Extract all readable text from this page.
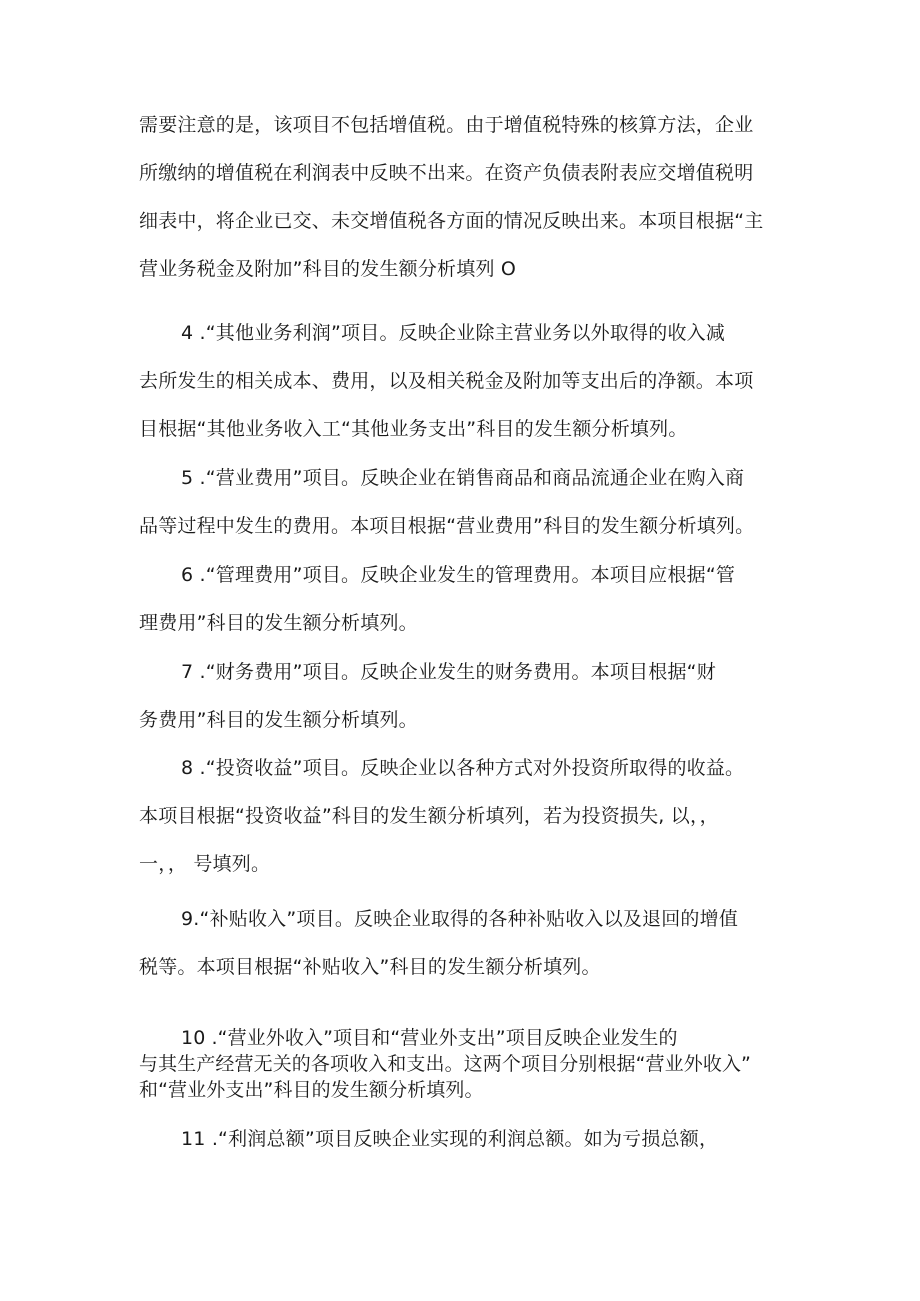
需要注意的是，该项目不包括增值税。由于增值税特殊的核算方法，企业
所缴纳的增值税在利润表中反映不出来。在资产负债表附表应交增值税明
细表中，将企业已交、未交增值税各方面的情况反映出来。本项目根据“主
营业务税金及附加”科目的发生额分析填列 O
4 .“其他业务利润”项目。反映企业除主营业务以外取得的收入减
去所发生的相关成本、费用，以及相关税金及附加等支出后的净额。本项
目根据“其他业务收入工“其他业务支出”科目的发生额分析填列。
5 .“营业费用”项目。反映企业在销售商品和商品流通企业在购入商
品等过程中发生的费用。本项目根据“营业费用”科目的发生额分析填列。
6 .“管理费用”项目。反映企业发生的管理费用。本项目应根据“管
理费用”科目的发生额分析填列。
7 .“财务费用”项目。反映企业发生的财务费用。本项目根据“财
务费用”科目的发生额分析填列。
8 .“投资收益”项目。反映企业以各种方式对外投资所取得的收益。
本项目根据“投资收益”科目的发生额分析填列，若为投资损失, 以，，
一，， 号填列。
9.“补贴收入”项目。反映企业取得的各种补贴收入以及退回的增值
税等。本项目根据“补贴收入”科目的发生额分析填列。
10 .“营业外收入”项目和“营业外支出”项目反映企业发生的
与其生产经营无关的各项收入和支出。这两个项目分别根据“营业外收入”
和“营业外支出”科目的发生额分析填列。
11 .“利润总额”项目反映企业实现的利润总额。如为亏损总额，
